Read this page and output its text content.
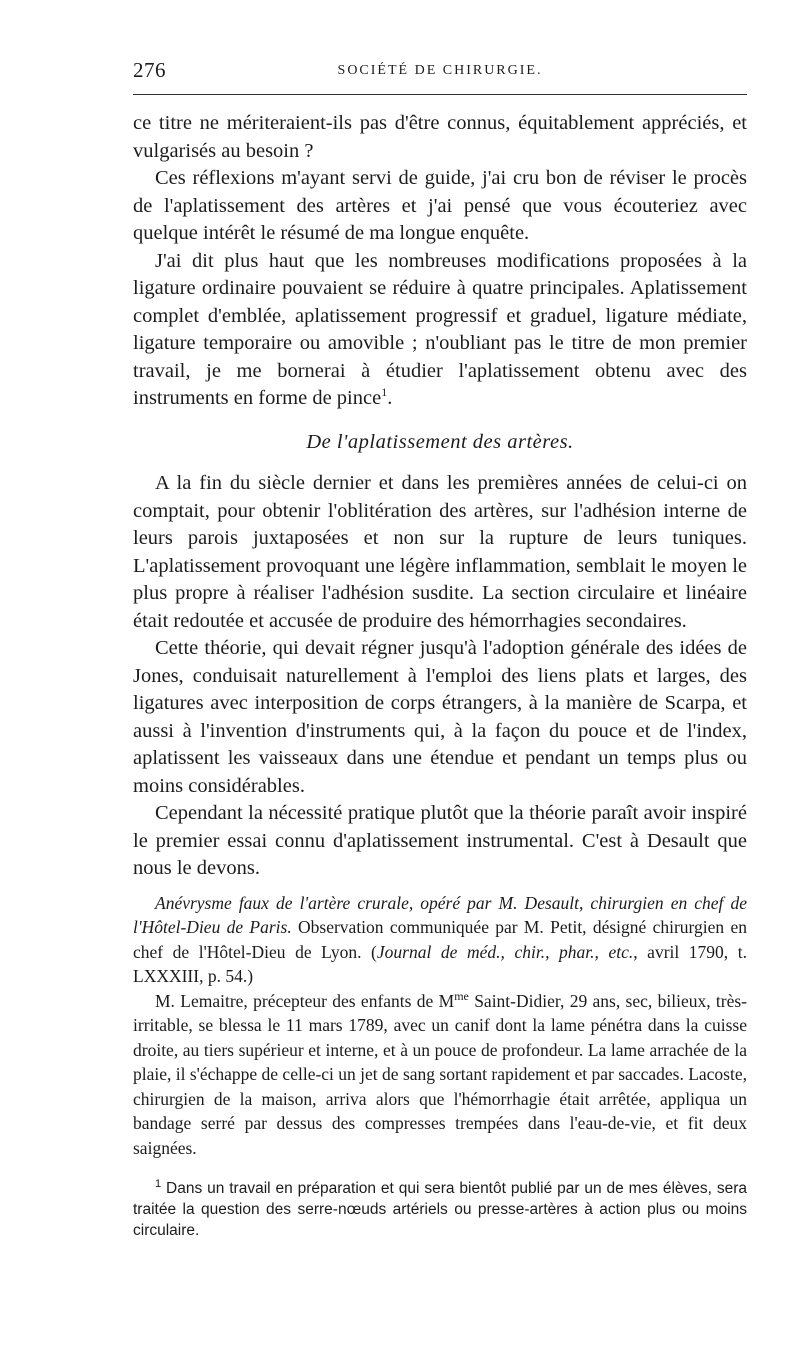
276	SOCIÉTÉ DE CHIRURGIE.

ce titre ne mériteraient-ils pas d'être connus, équitablement appréciés, et vulgarisés au besoin ?

Ces réflexions m'ayant servi de guide, j'ai cru bon de réviser le procès de l'aplatissement des artères et j'ai pensé que vous écouteriez avec quelque intérêt le résumé de ma longue enquête.

J'ai dit plus haut que les nombreuses modifications proposées à la ligature ordinaire pouvaient se réduire à quatre principales. Aplatissement complet d'emblée, aplatissement progressif et graduel, ligature médiate, ligature temporaire ou amovible ; n'oubliant pas le titre de mon premier travail, je me bornerai à étudier l'aplatissement obtenu avec des instruments en forme de pince$^1$.

De l'aplatissement des artères.

A la fin du siècle dernier et dans les premières années de celui-ci on comptait, pour obtenir l'oblitération des artères, sur l'adhésion interne de leurs parois juxtaposées et non sur la rupture de leurs tuniques. L'aplatissement provoquant une légère inflammation, semblait le moyen le plus propre à réaliser l'adhésion susdite. La section circulaire et linéaire était redoutée et accusée de produire des hémorrhagies secondaires.

Cette théorie, qui devait régner jusqu'à l'adoption générale des idées de Jones, conduisait naturellement à l'emploi des liens plats et larges, des ligatures avec interposition de corps étrangers, à la manière de Scarpa, et aussi à l'invention d'instruments qui, à la façon du pouce et de l'index, aplatissent les vaisseaux dans une étendue et pendant un temps plus ou moins considérables.

Cependant la nécessité pratique plutôt que la théorie paraît avoir inspiré le premier essai connu d'aplatissement instrumental. C'est à Desault que nous le devons.

Anévrysme faux de l'artère crurale, opéré par M. Desault, chirurgien en chef de l'Hôtel-Dieu de Paris. Observation communiquée par M. Petit, désigné chirurgien en chef de l'Hôtel-Dieu de Lyon. (Journal de méd., chir., phar., etc., avril 1790, t. LXXXIII, p. 54.)

M. Lemaitre, précepteur des enfants de $M^{me}$ Saint-Didier, 29 ans, sec, bilieux, très-irritable, se blessa le 11 mars 1789, avec un canif dont la lame pénétra dans la cuisse droite, au tiers supérieur et interne, et à un pouce de profondeur. La lame arrachée de la plaie, il s'échappe de celle-ci un jet de sang sortant rapidement et par saccades. Lacoste, chirurgien de la maison, arriva alors que l'hémorrhagie était arrêtée, appliqua un bandage serré par dessus des compresses trempées dans l'eau-de-vie, et fit deux saignées.

$^1$ Dans un travail en préparation et qui sera bientôt publié par un de mes élèves, sera traitée la question des serre-nœuds artériels ou presse-artères à action plus ou moins circulaire.
